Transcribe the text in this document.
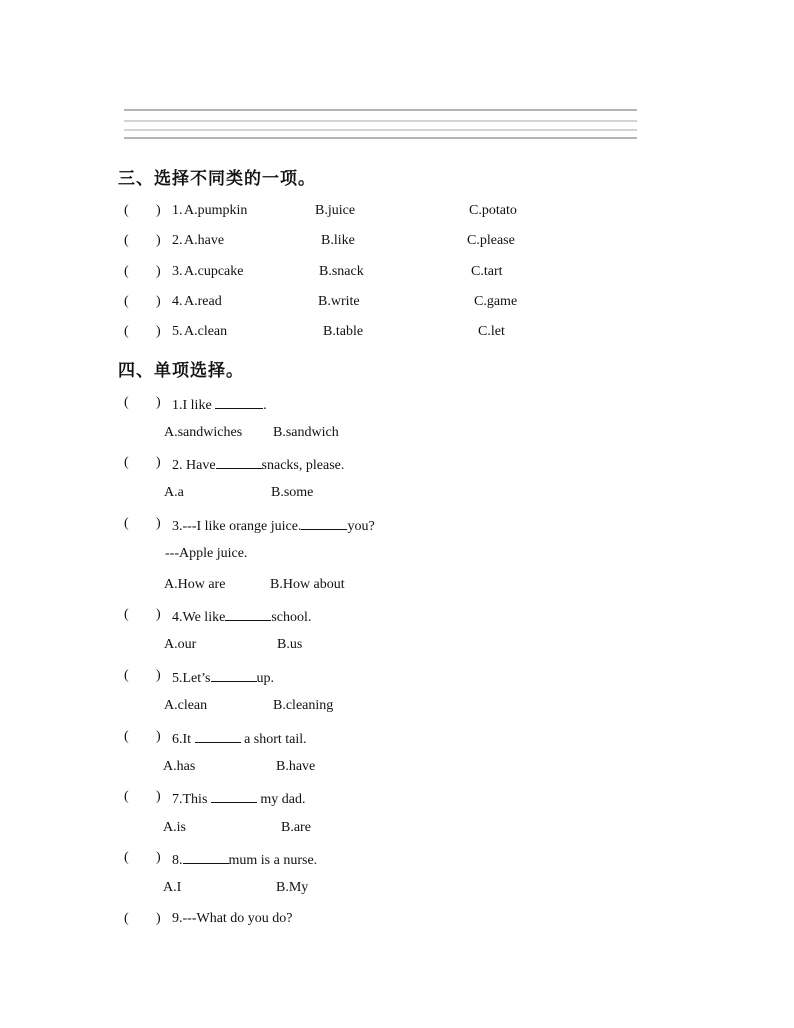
三、选择不同类的一项。
( ) 1. A.pumpkin	B.juice	C.potato
( ) 2. A.have	B.like	C.please
( ) 3. A.cupcake	B.snack	C.tart
( ) 4. A.read	B.write	C.game
( ) 5. A.clean	B.table	C.let
四、单项选择。
( ) 1.I like	.
A.sandwiches B.sandwich
( ) 2. Have	snacks, please.
A.a	B.some
( ) 3.---I like orange juice.	you?
---Apple juice.
A.How are	B.How about
( ) 4.We like	school.
A.our	B.us
( ) 5.Let’s	up.
A.clean	B.cleaning
( ) 6.It	a short tail.
A.has	B.have
( ) 7.This	my dad.
A.is	B.are
( ) 8.	mum is a nurse.
A.I	B.My
( ) 9.---What do you do?
